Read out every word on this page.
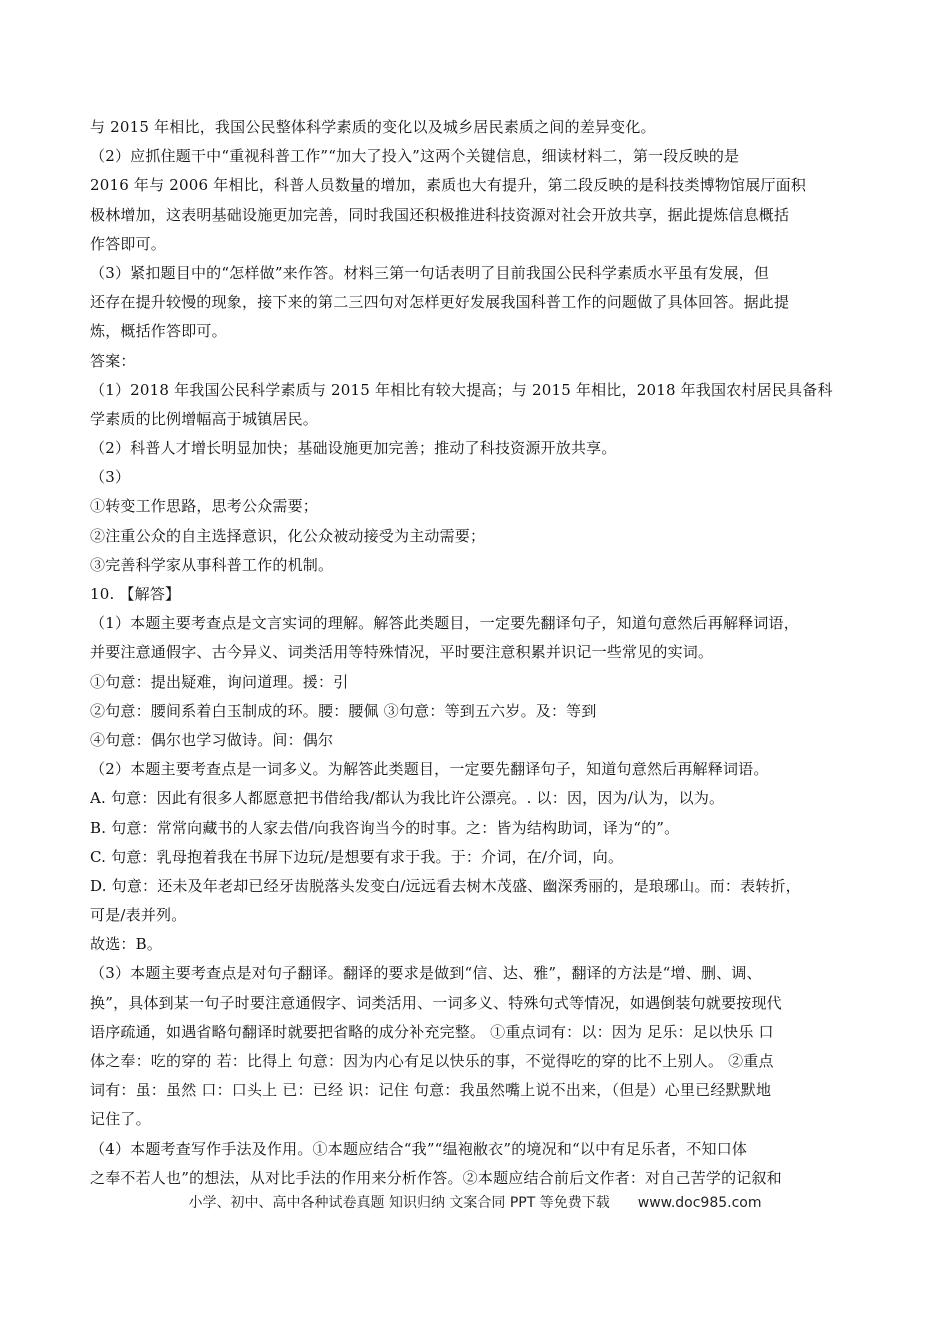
与 2015 年相比，我国公民整体科学素质的变化以及城乡居民素质之间的差异变化。
（2）应抓住题干中“重视科普工作”“加大了投入”这两个关键信息，细读材料二，第一段反映的是
2016 年与 2006 年相比，科普人员数量的增加，素质也大有提升，第二段反映的是科技类博物馆展厅面积
极林增加，这表明基础设施更加完善，同时我国还积极推进科技资源对社会开放共享，据此提炼信息概括
作答即可。
（3）紧扣题目中的“怎样做”来作答。材料三第一句话表明了目前我国公民科学素质水平虽有发展，但
还存在提升较慢的现象，接下来的第二三四句对怎样更好发展我国科普工作的问题做了具体回答。据此提
炼，概括作答即可。
答案：
（1）2018 年我国公民科学素质与 2015 年相比有较大提高；与 2015 年相比，2018 年我国农村居民具备科
学素质的比例增幅高于城镇居民。
（2）科普人才增长明显加快；基础设施更加完善；推动了科技资源开放共享。
（3）
①转变工作思路，思考公众需要；
②注重公众的自主选择意识，化公众被动接受为主动需要；
③完善科学家从事科普工作的机制。
10. 【解答】
（1）本题主要考查点是文言实词的理解。解答此类题目，一定要先翻译句子，知道句意然后再解释词语，
并要注意通假字、古今异义、词类活用等特殊情况，平时要注意积累并识记一些常见的实词。
①句意：提出疑难，询问道理。援：引
②句意：腰间系着白玉制成的环。腰：腰佩 ③句意：等到五六岁。及：等到
④句意：偶尔也学习做诗。间：偶尔
（2）本题主要考查点是一词多义。为解答此类题目，一定要先翻译句子，知道句意然后再解释词语。
A. 句意：因此有很多人都愿意把书借给我/都认为我比许公漂亮。. 以：因，因为/认为，以为。
B. 句意：常常向藏书的人家去借/向我咨询当今的时事。之：皆为结构助词，译为“的”。
C. 句意：乳母抱着我在书屏下边玩/是想要有求于我。于：介词，在/介词，向。
D. 句意：还未及年老却已经牙齿脱落头发变白/远远看去树木茂盛、幽深秀丽的，是琅琊山。而：表转折，
可是/表并列。
故选：B。
（3）本题主要考查点是对句子翻译。翻译的要求是做到“信、达、雅”，翻译的方法是“增、删、调、
换”，具体到某一句子时要注意通假字、词类活用、一词多义、特殊句式等情况，如遇倒装句就要按现代
语序疏通，如遇省略句翻译时就要把省略的成分补充完整。 ①重点词有：以：因为 足乐：足以快乐 口
体之奉：吃的穿的 若：比得上 句意：因为内心有足以快乐的事，不觉得吃的穿的比不上别人。 ②重点
词有：虽：虽然 口：口头上 已：已经 识：记住 句意：我虽然嘴上说不出来，（但是）心里已经默默地
记住了。
（4）本题考查写作手法及作用。①本题应结合“我”“缊袍敝衣”的境况和“以中有足乐者，不知口体
之奉不若人也”的想法，从对比手法的作用来分析作答。②本题应结合前后文作者：对自己苦学的记叙和
小学、初中、高中各种试卷真题 知识归纳 文案合同 PPT 等免费下载 www.doc985.com
